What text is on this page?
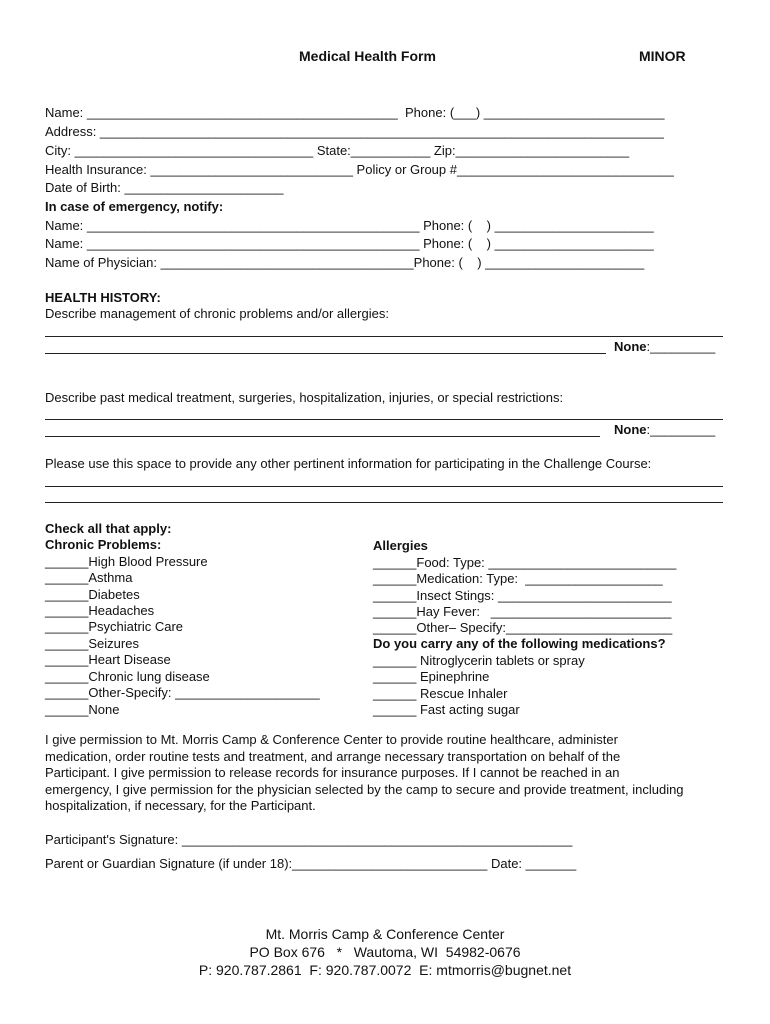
Medical Health Form	MINOR
Name: ___________________________________________  Phone: (___) _________________________
Address: ______________________________________________________________________________
City: _________________________________ State:___________ Zip:________________________
Health Insurance: ____________________________ Policy or Group #______________________________
Date of Birth: ______________________
In case of emergency, notify:
Name: ______________________________________________ Phone: (    ) ______________________
Name: ______________________________________________ Phone: (    ) ______________________
Name of Physician: ___________________________________Phone: (    ) ______________________
HEALTH HISTORY:
Describe management of chronic problems and/or allergies:
None:_________
Describe past medical treatment, surgeries, hospitalization, injuries, or special restrictions:
None:_________
Please use this space to provide any other pertinent information for participating in the Challenge Course:
Check all that apply:
Chronic Problems:
______High Blood Pressure
______Asthma
______Diabetes
______Headaches
______Psychiatric Care
______Seizures
______Heart Disease
______Chronic lung disease
______Other-Specify: ____________________
______None
Allergies
______Food: Type: __________________________
______Medication: Type:  ___________________
______Insect Stings: ________________________
______Hay Fever:   _________________________
______Other– Specify:_______________________
Do you carry any of the following medications?
______ Nitroglycerin tablets or spray
______ Epinephrine
______ Rescue Inhaler
______ Fast acting sugar
I give permission to Mt. Morris Camp & Conference Center to provide routine healthcare, administer medication, order routine tests and treatment, and arrange necessary transportation on behalf of the Participant. I give permission to release records for insurance purposes. If I cannot be reached in an emergency, I give permission for the physician selected by the camp to secure and provide treatment, including hospitalization, if necessary, for the Participant.
Participant's Signature: ______________________________________________________
Parent or Guardian Signature (if under 18):___________________________ Date: _______
Mt. Morris Camp & Conference Center
PO Box 676   *   Wautoma, WI  54982-0676
P: 920.787.2861  F: 920.787.0072  E: mtmorris@bugnet.net
